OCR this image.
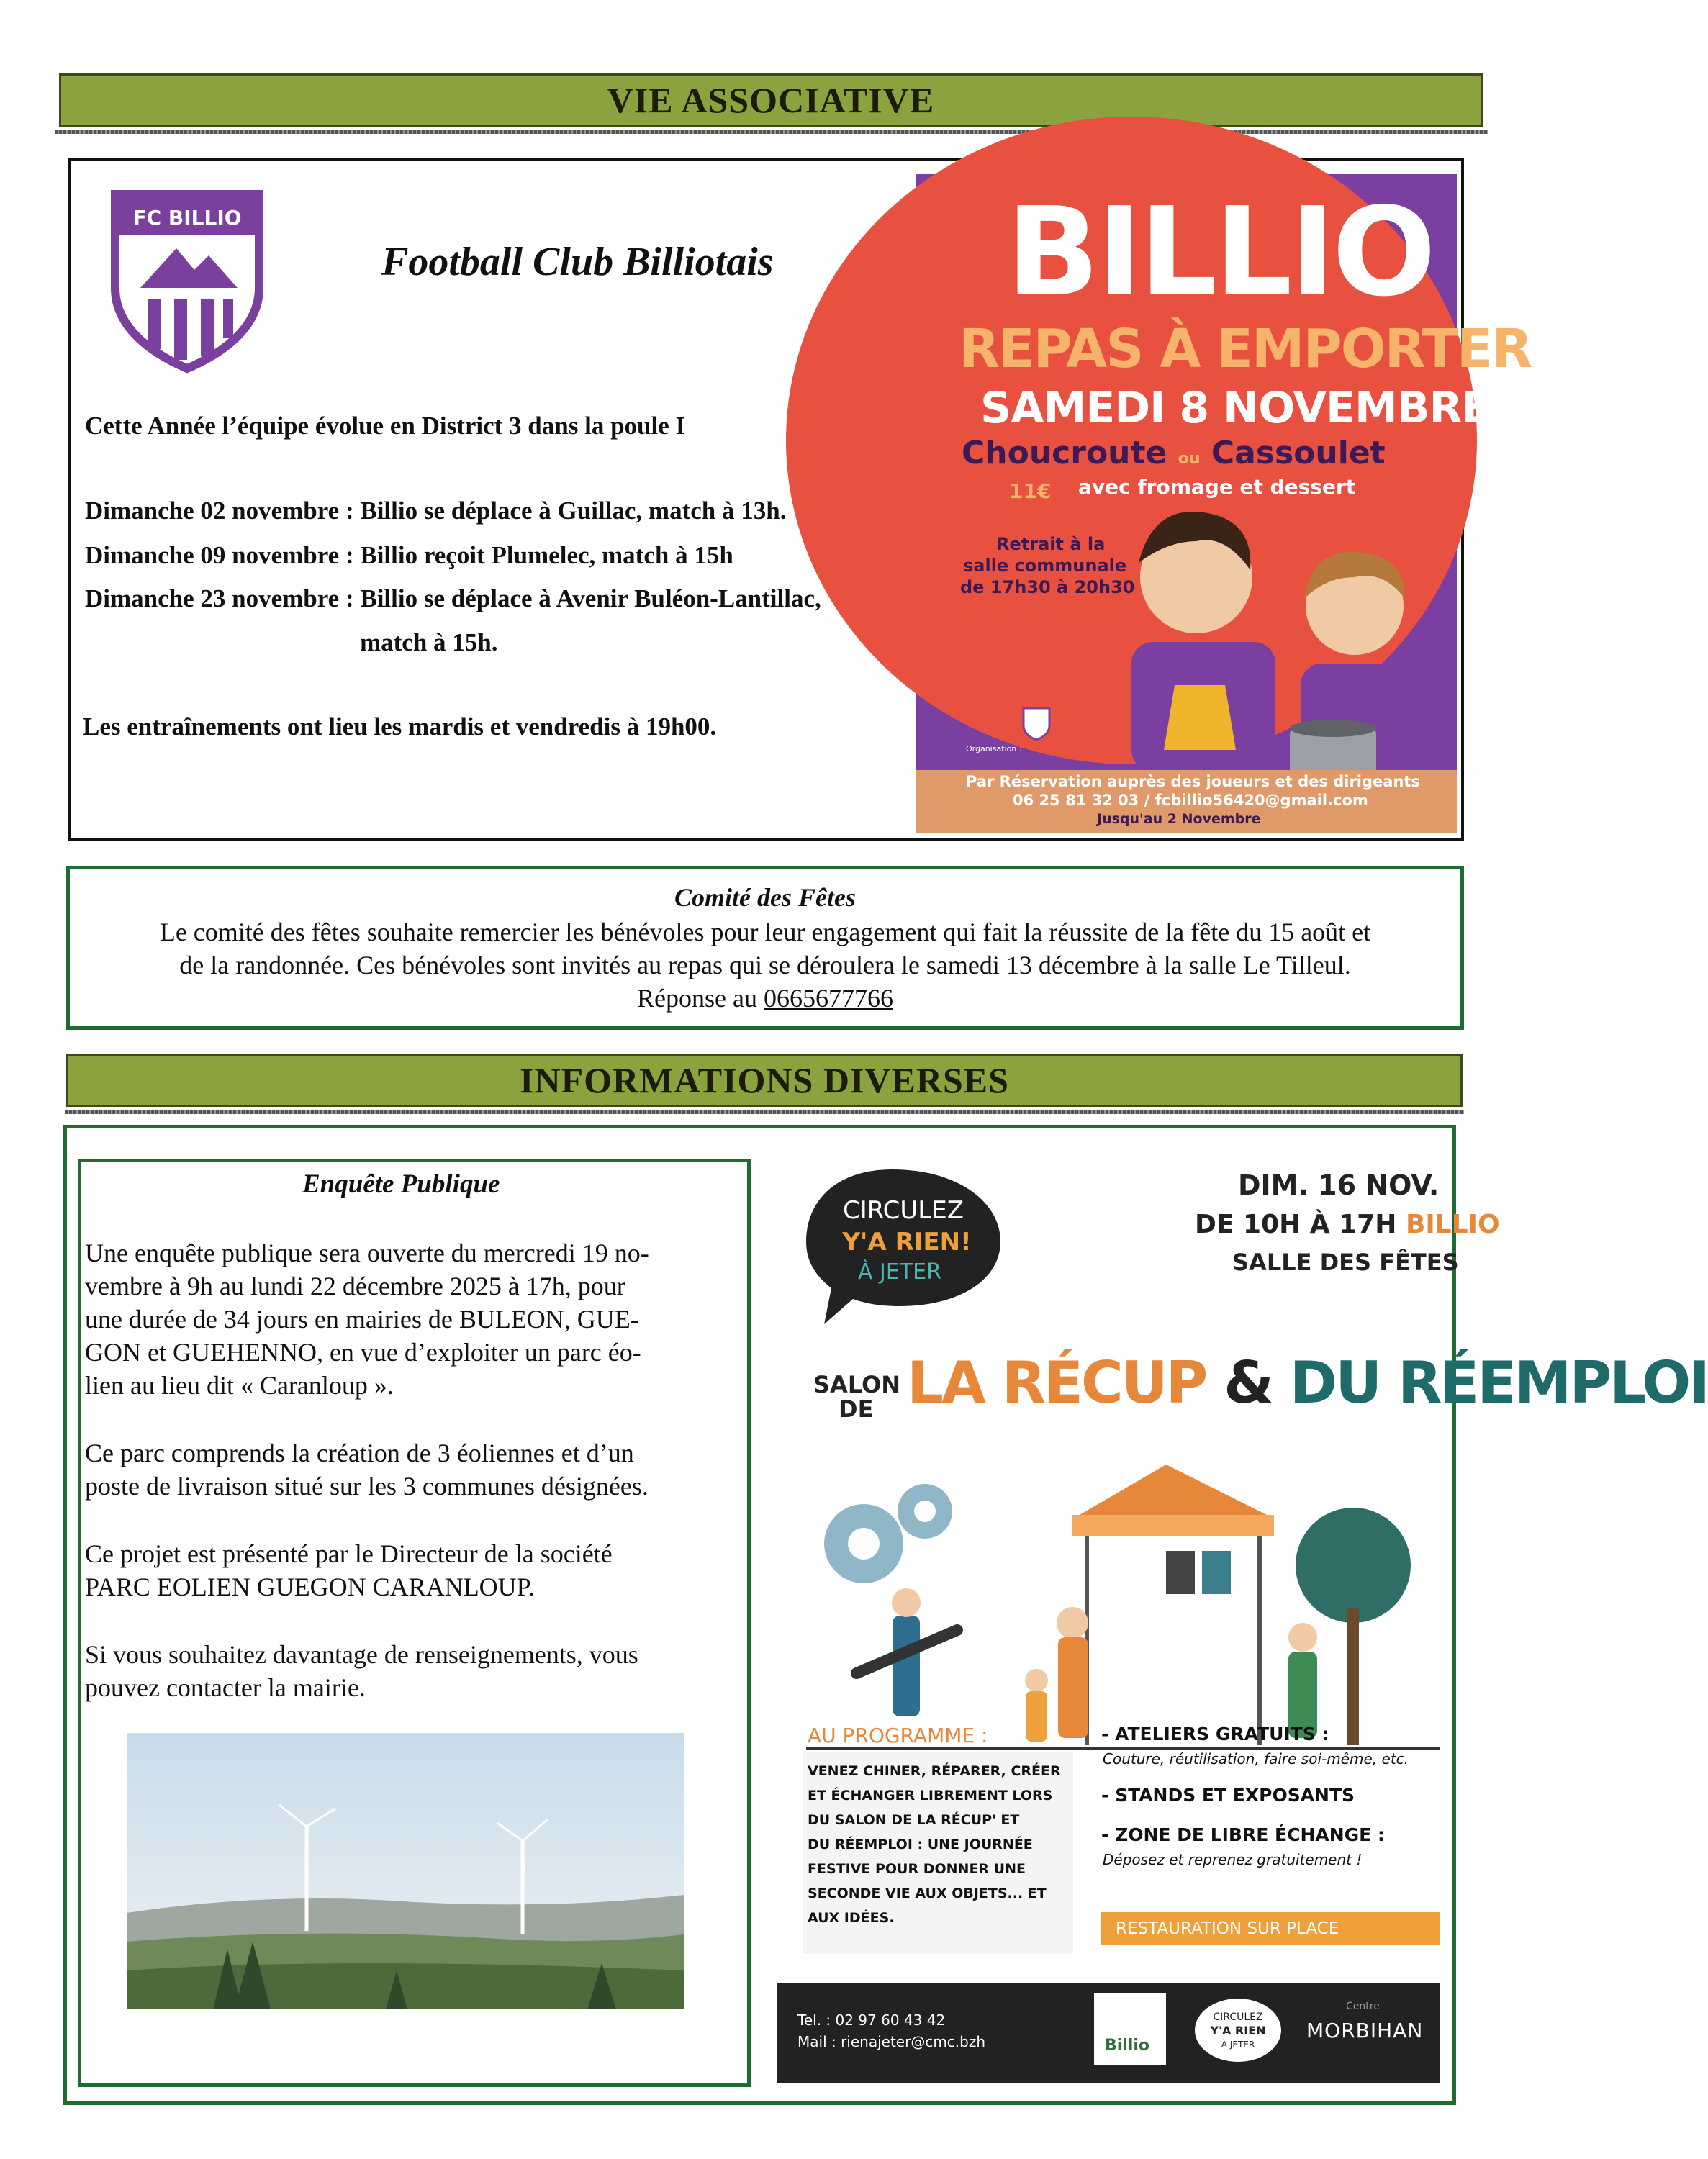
VIE ASSOCIATIVE
FC BILLIO
Football Club Billiotais
Cette Année l’équipe évolue en District 3 dans la poule I
Dimanche 02 novembre : Billio se déplace à Guillac, match à 13h.
Dimanche 09 novembre : Billio reçoit Plumelec, match à 15h
Dimanche 23 novembre : Billio se déplace à Avenir Buléon-Lantillac,
match à 15h.
Les entraînements ont lieu les mardis et vendredis à 19h00.
BILLIO
REPAS À EMPORTER
SAMEDI 8 NOVEMBRE
Choucroute ou Cassoulet
11€ avec fromage et dessert
Retrait à la
salle communale
de 17h30 à 20h30
Organisation :
Par Réservation auprès des joueurs et des dirigeants
06 25 81 32 03 / fcbillio56420@gmail.com
Jusqu'au 2 Novembre
Comité des Fêtes
Le comité des fêtes souhaite remercier les bénévoles pour leur engagement qui fait la réussite de la fête du 15 août et
de la randonnée. Ces bénévoles sont invités au repas qui se déroulera le samedi 13 décembre à la salle Le Tilleul.
Réponse au 0665677766
INFORMATIONS DIVERSES
Enquête Publique
Une enquête publique sera ouverte du mercredi 19 no-
vembre à 9h au lundi 22 décembre 2025 à 17h, pour
une durée de 34 jours en mairies de BULEON, GUE-
GON et GUEHENNO, en vue d’exploiter un parc éo-
lien au lieu dit « Caranloup ».
Ce parc comprends la création de 3 éoliennes et d’un
poste de livraison situé sur les 3 communes désignées.
Ce projet est présenté par le Directeur de la société
PARC EOLIEN GUEGON CARANLOUP.
Si vous souhaitez davantage de renseignements, vous
pouvez contacter la mairie.
CIRCULEZ
Y'A RIEN!
À JETER
DIM. 16 NOV.
DE 10H À 17H BILLIO
SALLE DES FÊTES
SALON
DE LA RÉCUP & DU RÉEMPLOI
AU PROGRAMME :
VENEZ CHINER, RÉPARER, CRÉER
ET ÉCHANGER LIBREMENT LORS
DU SALON DE LA RÉCUP' ET
DU RÉEMPLOI : UNE JOURNÉE
FESTIVE POUR DONNER UNE
SECONDE VIE AUX OBJETS... ET
AUX IDÉES.
- ATELIERS GRATUITS :
Couture, réutilisation, faire soi-même, etc.
- STANDS ET EXPOSANTS
- ZONE DE LIBRE ÉCHANGE :
Déposez et reprenez gratuitement !
RESTAURATION SUR PLACE
Tel. : 02 97 60 43 42
Mail : rienajeter@cmc.bzh	Billio
CIRCULEZ
Y'A RIEN
À JETER
Centre
MORBIHAN
